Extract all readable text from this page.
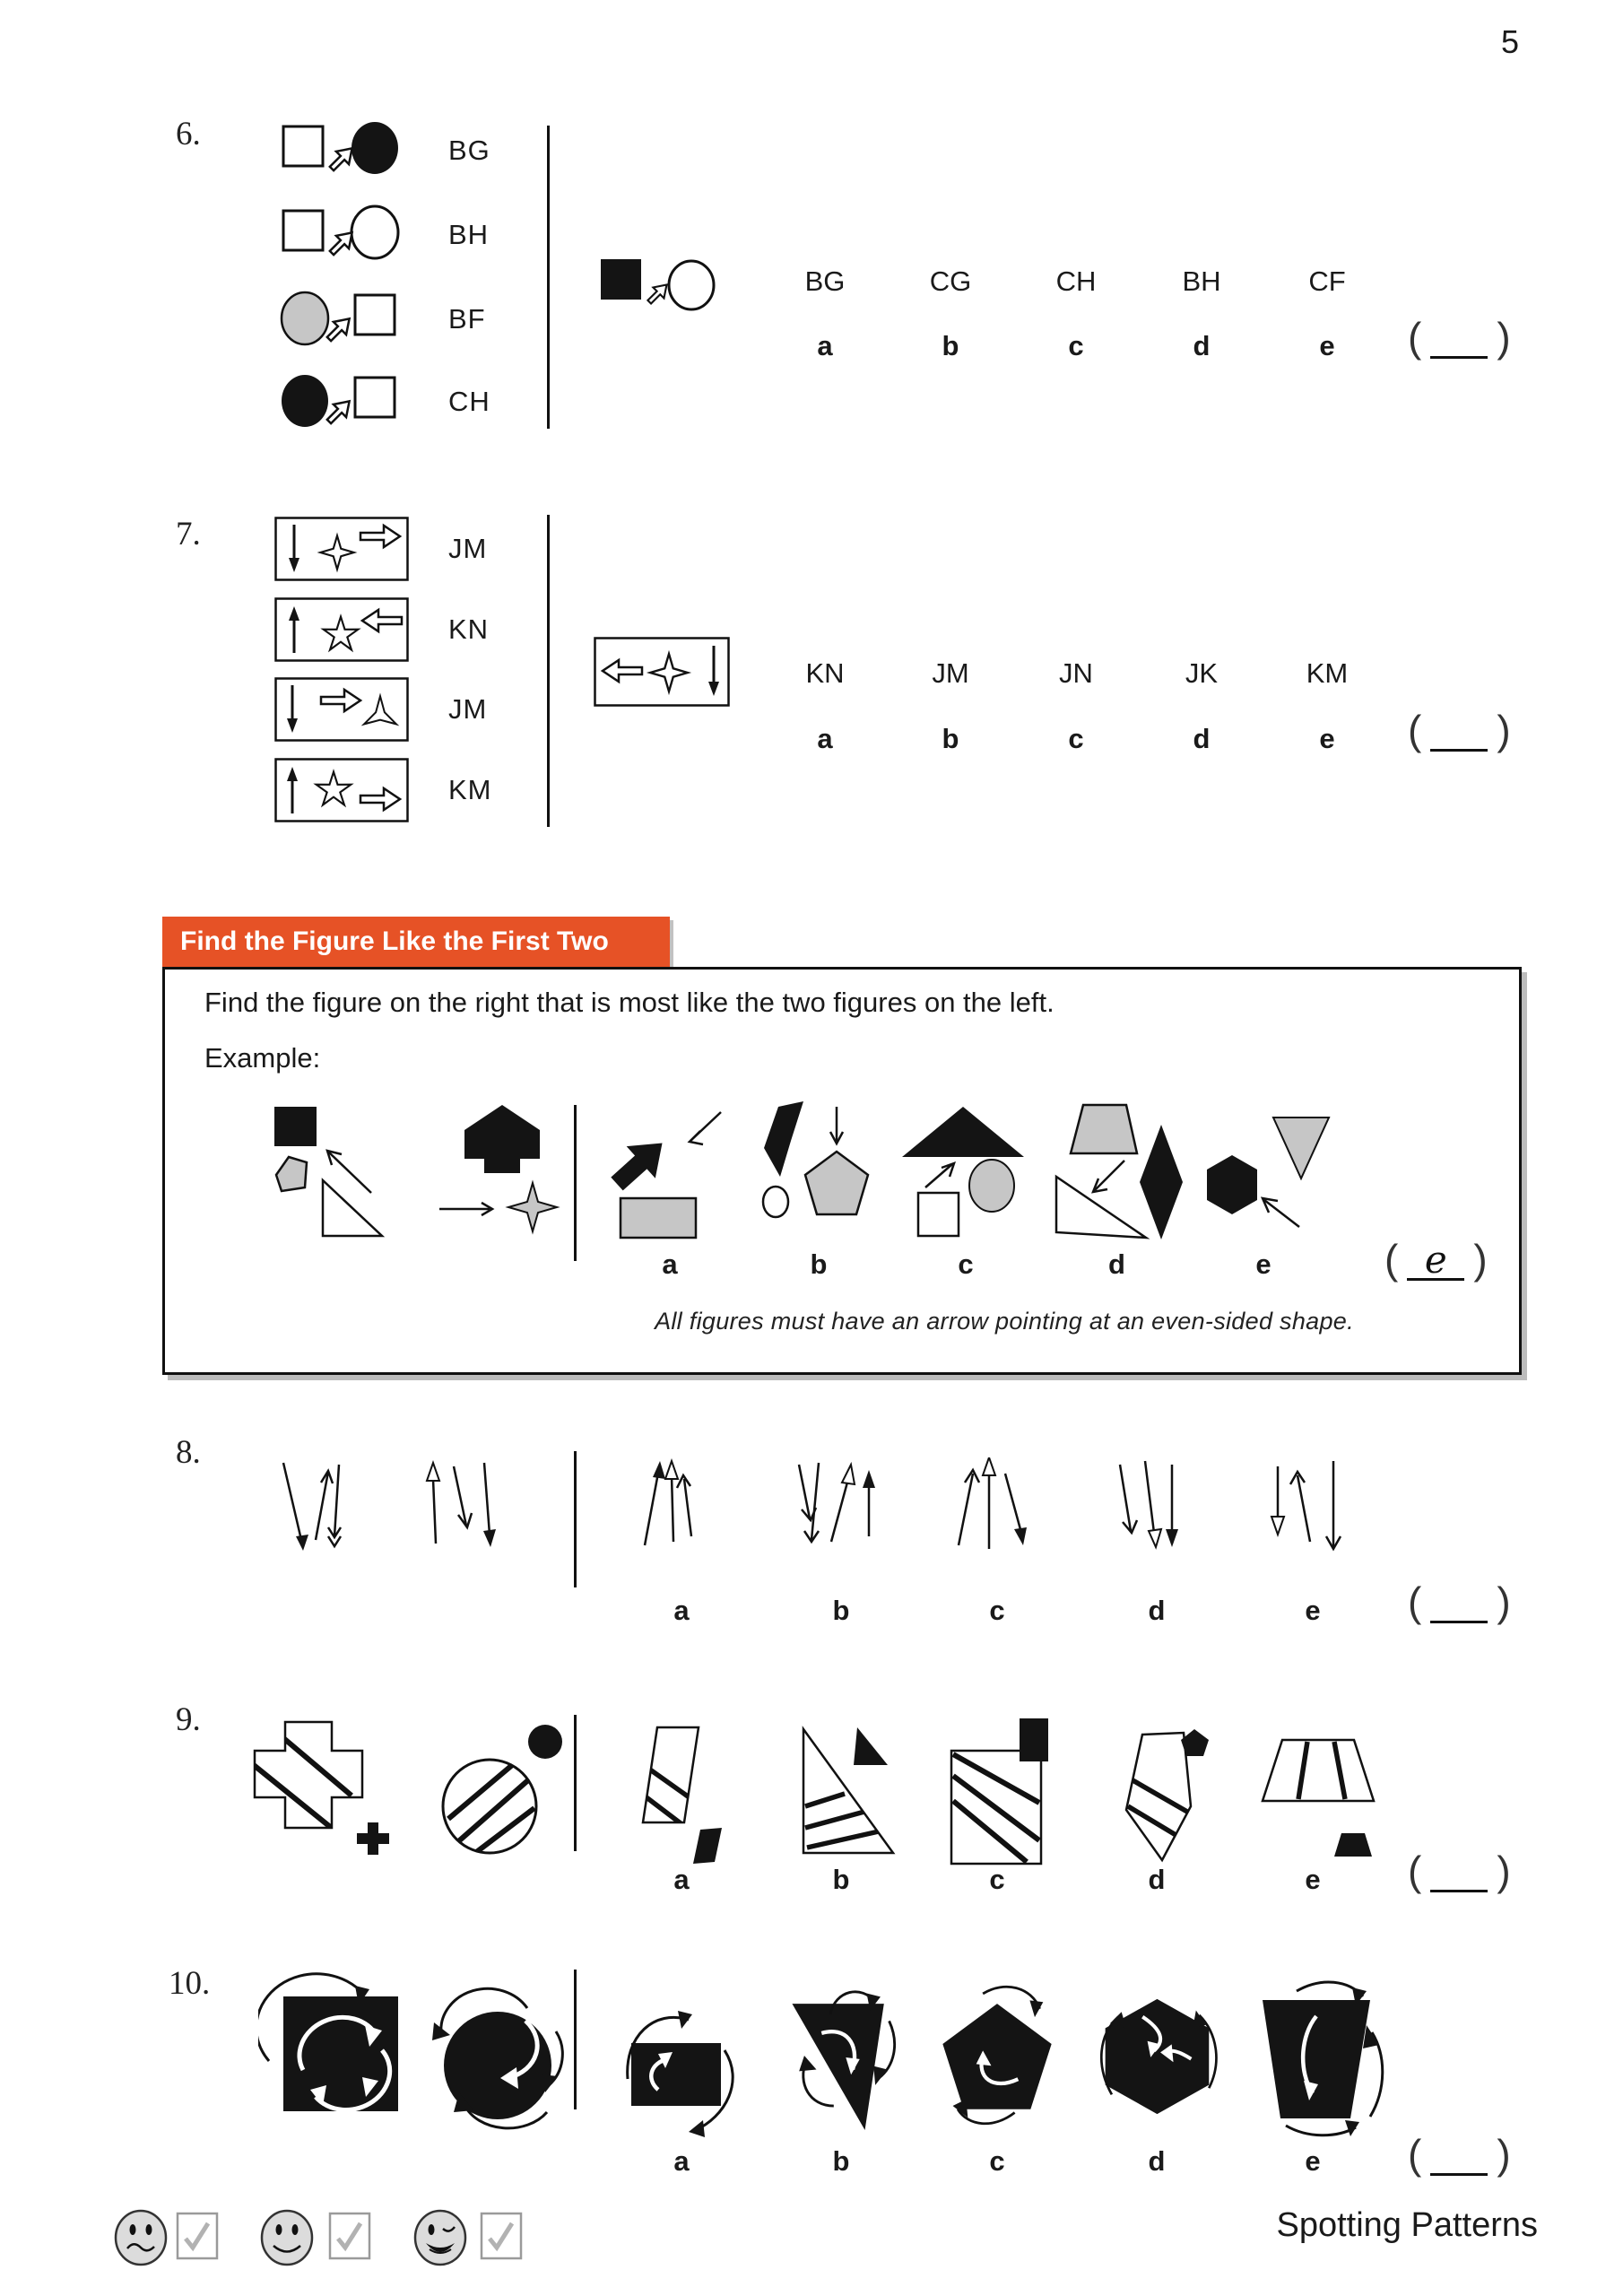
5
6.	BG
BH
BF
CH
BG	CG	CH	BH	CF
a	b	c	d	e	( )
7.	JM
KN
JM
KM
KN	JM	JN	JK	KM
a	b	c	d	e	( )
Find the Figure Like the First Two
Find the figure on the right that is most like the two figures on the left.
Example:
a	b	c	d	e	( e )
All figures must have an arrow pointing at an even-sided shape.
8.
a	b	c	d	e	( )
9.
a	b	c	d	e	( )
10.
a	b	c	d	e	( )
Spotting Patterns
